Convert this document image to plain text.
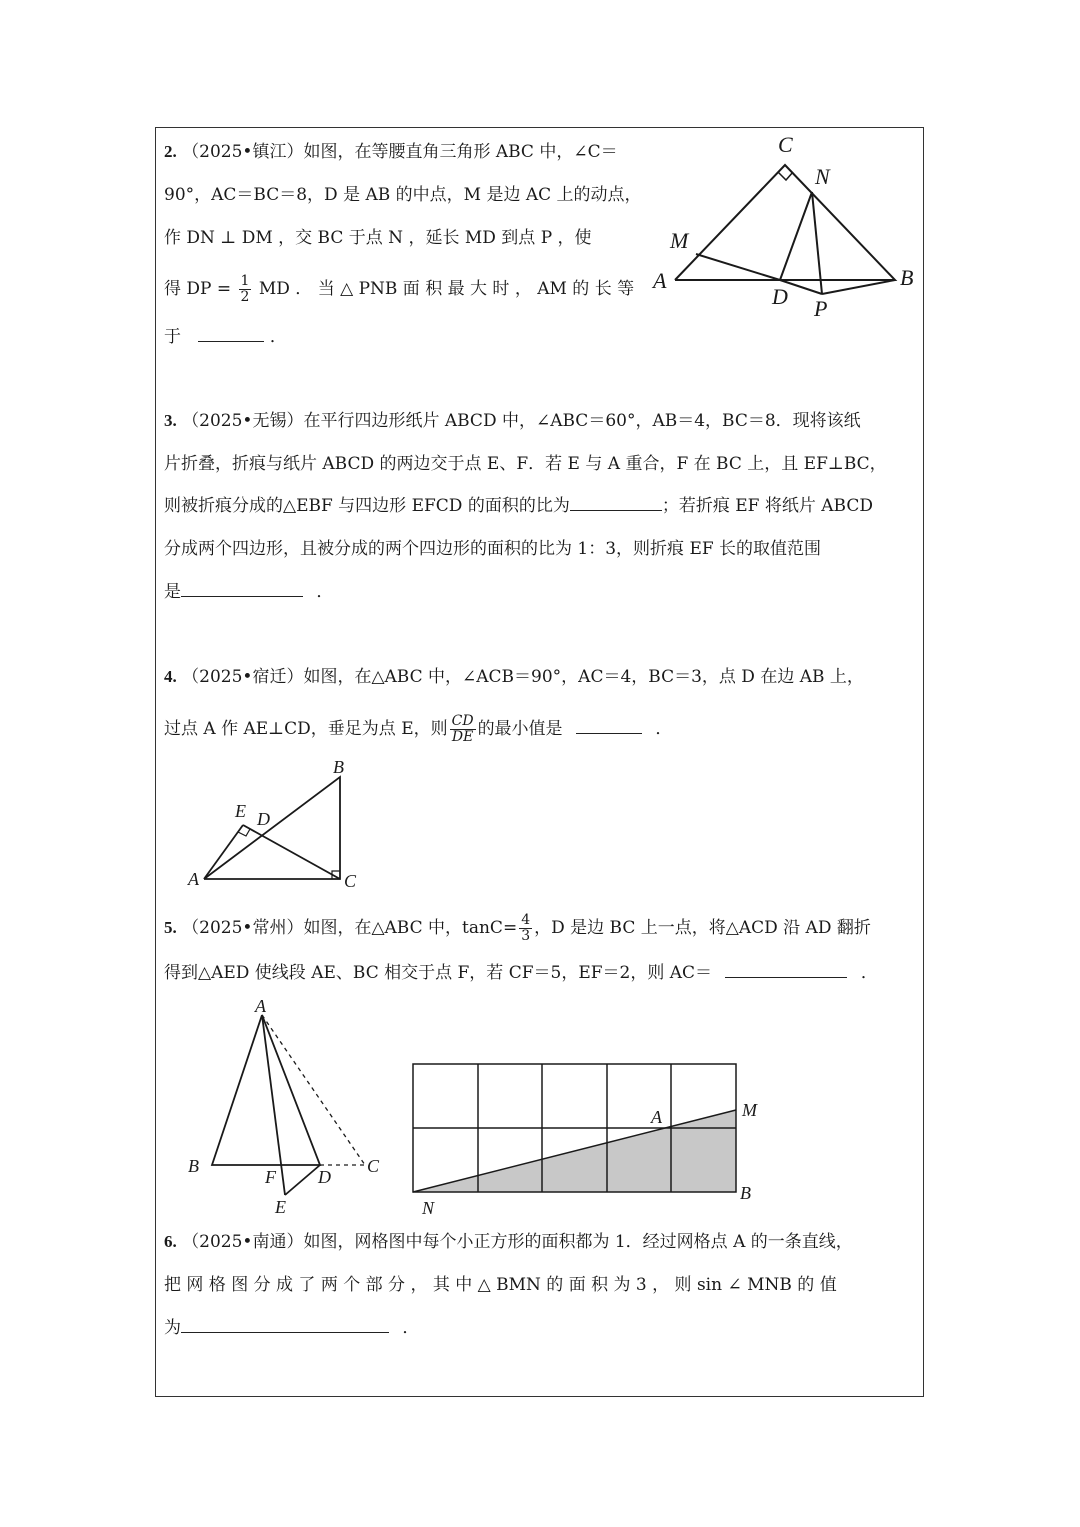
2. （2025•镇江）如图，在等腰直角三角形 ABC 中，∠C＝
90°，AC＝BC＝8，D 是 AB 的中点，M 是边 AC 上的动点，
作 DN ⊥ DM ，交 BC 于点 N ，延长 MD 到点 P ，使
得 DP = $\frac{1}{2}$ MD ． 当 △ PNB 面 积 最 大 时 ， AM 的 长 等
于	．
C
N
M
A	B
D P
3. （2025•无锡）在平行四边形纸片 ABCD 中，∠ABC＝60°，AB＝4，BC＝8．现将该纸
片折叠，折痕与纸片 ABCD 的两边交于点 E、F．若 E 与 A 重合，F 在 BC 上，且 EF⊥BC，
则被折痕分成的△EBF 与四边形 EFCD 的面积的比为	；若折痕 EF 将纸片 ABCD
分成两个四边形，且被分成的两个四边形的面积的比为 1：3，则折痕 EF 长的取值范围
是	．
4. （2025•宿迁）如图，在△ABC 中，∠ACB＝90°，AC＝4，BC＝3，点 D 在边 AB 上，
过点 A 作 AE⊥CD，垂足为点 E，则 $\frac{CD}{DE}$ 的最小值是	．
B
E D
A	C
5. （2025•常州）如图，在△ABC 中，$\tan C= \frac{4}{3}$ ，D 是边 BC 上一点，将△ACD 沿 AD 翻折
得到△AED 使线段 AE、BC 相交于点 F，若 CF＝5，EF＝2，则 AC＝	．
A
B
F D
C
E
A	M
N
B
6. （2025•南通）如图，网格图中每个小正方形的面积都为 1．经过网格点 A 的一条直线，
把 网 格 图 分 成 了 两 个 部 分 ， 其 中 △ BMN 的 面 积 为 3 ， 则 sin ∠ MNB 的 值
为	．
